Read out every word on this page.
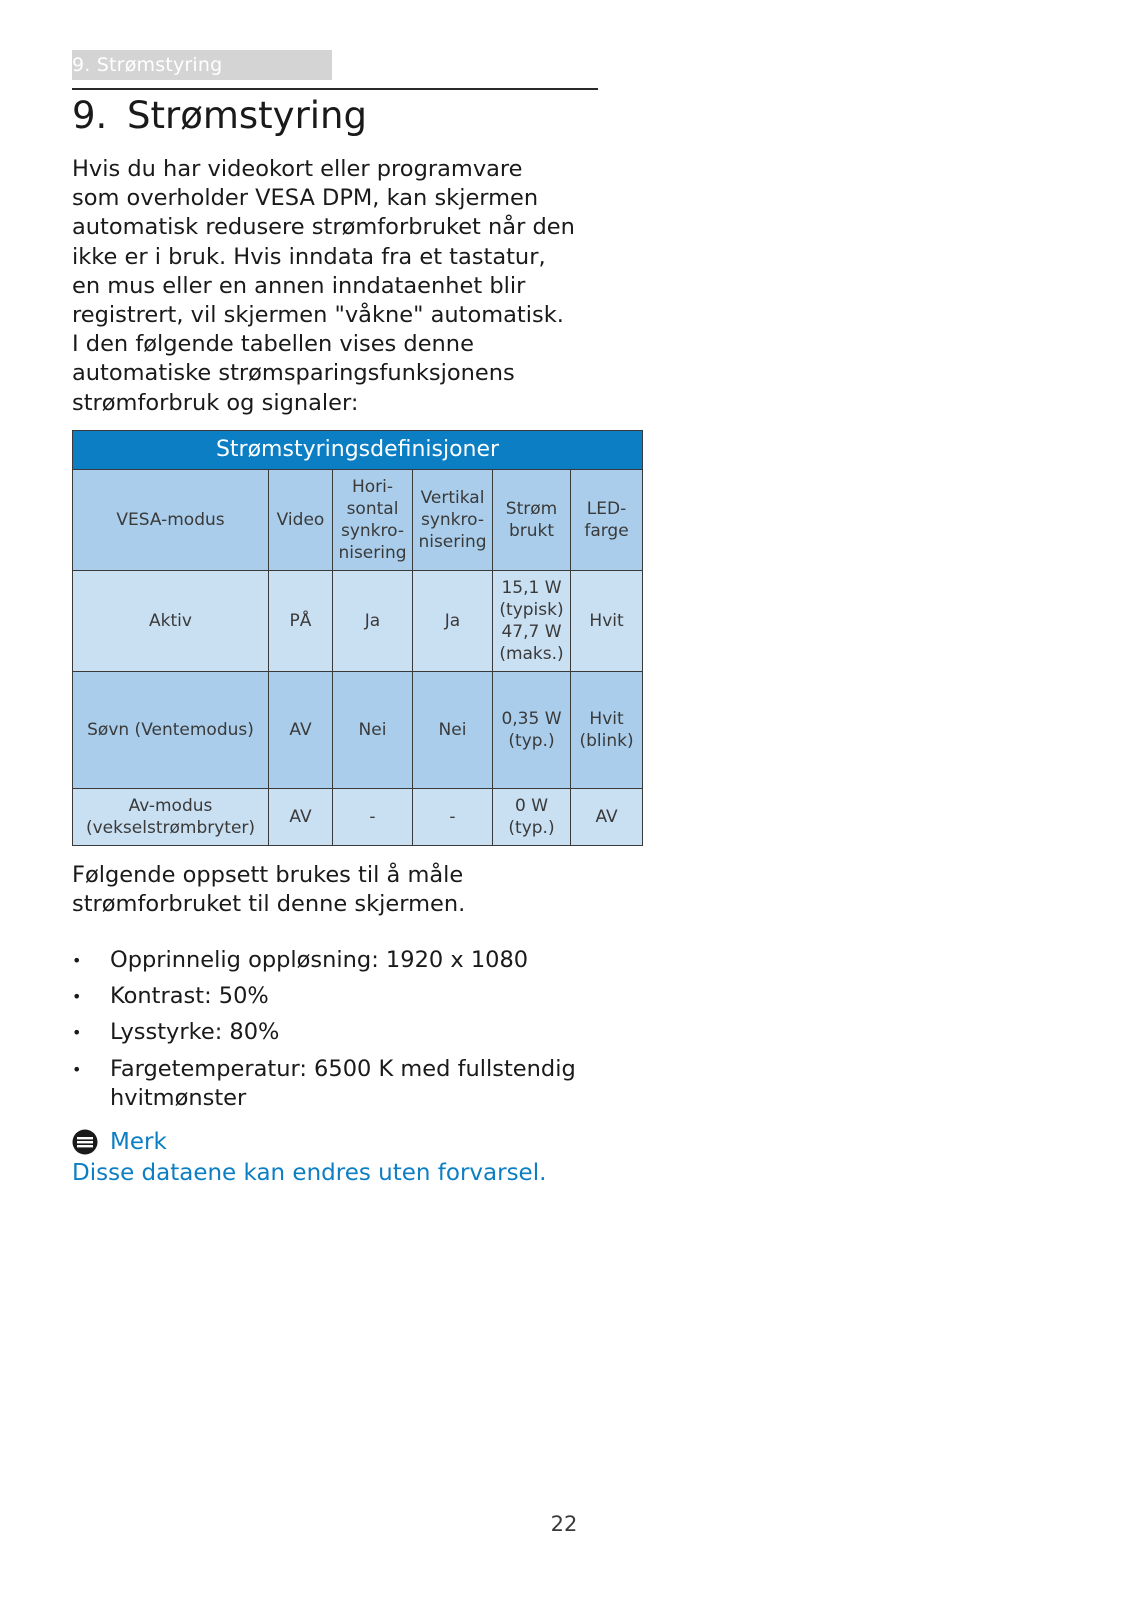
9. Strømstyring
9. Strømstyring

Hvis du har videokort eller programvare
som overholder VESA DPM, kan skjermen
automatisk redusere strømforbruket når den
ikke er i bruk. Hvis inndata fra et tastatur,
en mus eller en annen inndataenhet blir
registrert, vil skjermen "våkne" automatisk.
I den følgende tabellen vises denne
automatiske strømsparingsfunksjonens
strømforbruk og signaler:

Strømstyringsdefinisjoner					

VESA-modus	Video	Hori-
sontal
synkro-
nisering	Vertikal
synkro-
nisering	Strøm
brukt	LED-
farge

Aktiv	PÅ	Ja	Ja	15,1 W
(typisk)
47,7 W
(maks.)	Hvit

Søvn (Ventemodus)	AV	Nei	Nei	0,35 W
(typ.)	Hvit
(blink)

Av-modus
(vekselstrømbryter)	AV	-	-	0 W
(typ.)	AV

Følgende oppsett brukes til å måle
strømforbruket til denne skjermen.

• Opprinnelig oppløsning: 1920 x 1080
• Kontrast: 50%
• Lysstyrke: 80%
• Fargetemperatur: 6500 K med fullstendig
hvitmønster
Merk
Disse dataene kan endres uten forvarsel.
22
